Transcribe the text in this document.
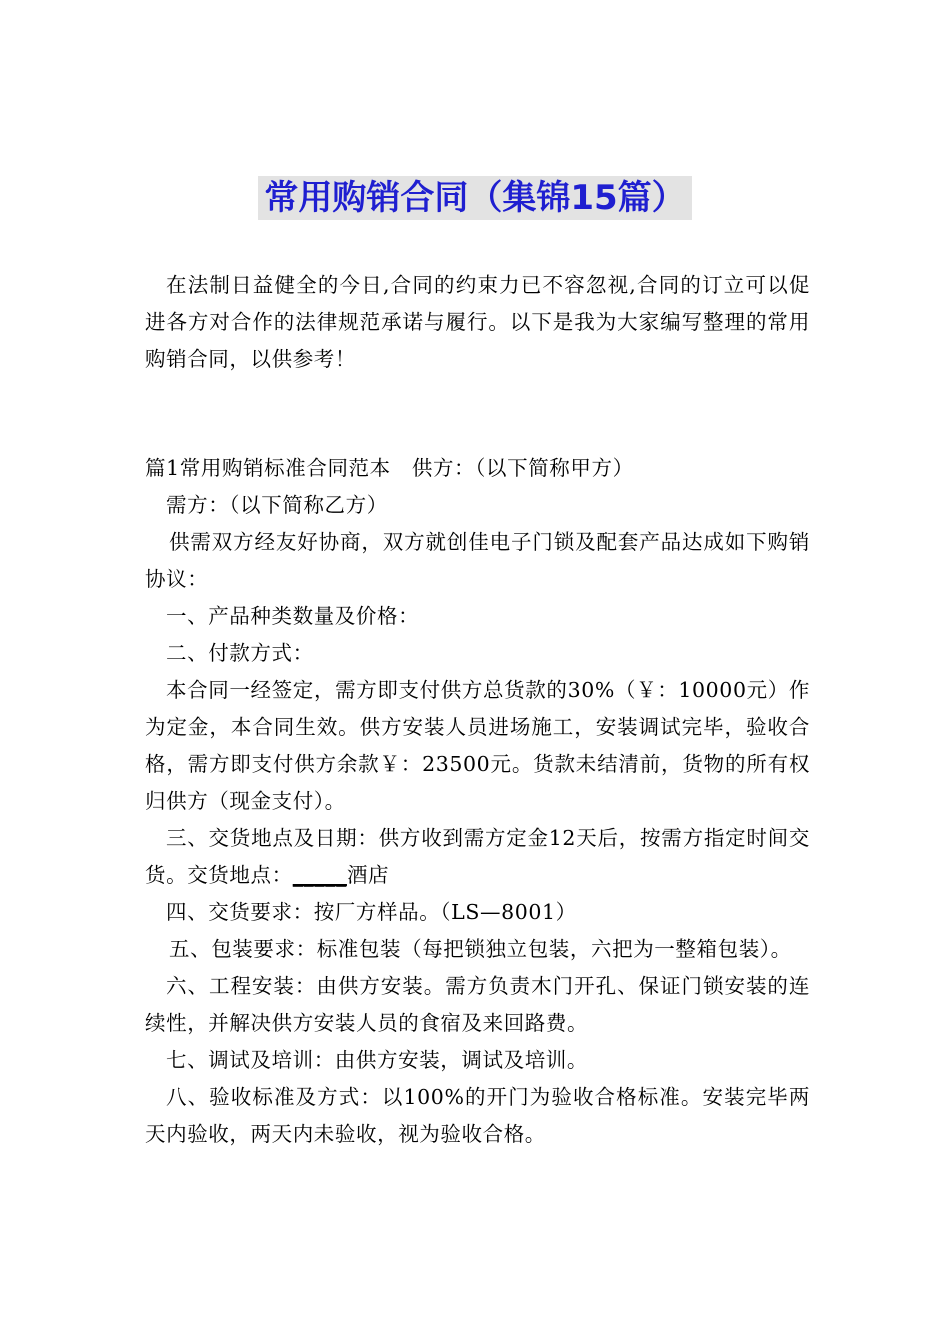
常用购销合同（集锦15篇）

在法制日益健全的今日,合同的约束力已不容忽视,合同的订立可以促进各方对合作的法律规范承诺与履行。以下是我为大家编写整理的常用购销合同，以供参考！

篇1常用购销标准合同范本　供方：（以下简称甲方）

需方：（以下简称乙方）

供需双方经友好协商，双方就创佳电子门锁及配套产品达成如下购销协议：

一、产品种类数量及价格：

二、付款方式：

本合同一经签定，需方即支付供方总货款的30%（￥：10000元）作为定金，本合同生效。供方安装人员进场施工，安装调试完毕，验收合格，需方即支付供方余款￥：23500元。货款未结清前，货物的所有权归供方（现金支付）。

三、交货地点及日期：供方收到需方定金12天后，按需方指定时间交货。交货地点：_____酒店

四、交货要求：按厂方样品。（LS—8001）

五、包装要求：标准包装（每把锁独立包装，六把为一整箱包装）。

六、工程安装：由供方安装。需方负责木门开孔、保证门锁安装的连续性，并解决供方安装人员的食宿及来回路费。

七、调试及培训：由供方安装，调试及培训。

八、验收标准及方式：以100%的开门为验收合格标准。安装完毕两天内验收，两天内未验收，视为验收合格。
